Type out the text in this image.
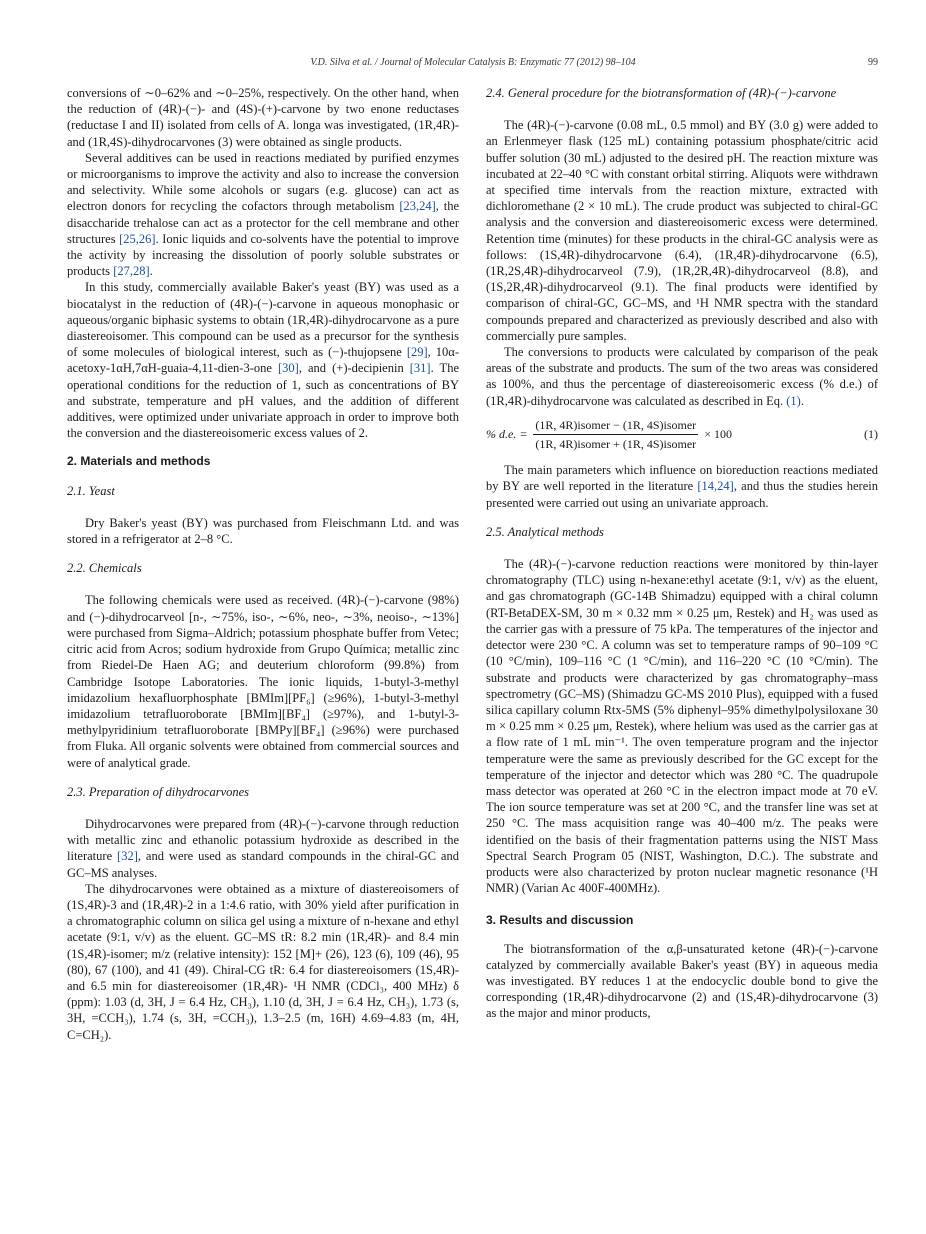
V.D. Silva et al. / Journal of Molecular Catalysis B: Enzymatic 77 (2012) 98–104	99

conversions of ∼0–62% and ∼0–25%, respectively. On the other hand, when the reduction of (4R)-(−)- and (4S)-(+)-carvone by two enone reductases (reductase I and II) isolated from cells of A. longa was investigated, (1R,4R)- and (1R,4S)-dihydrocarvones (3) were obtained as single products.

Several additives can be used in reactions mediated by purified enzymes or microorganisms to improve the activity and also to increase the conversion and selectivity. While some alcohols or sugars (e.g. glucose) can act as electron donors for recycling the cofactors through metabolism [23,24], the disaccharide trehalose can act as a protector for the cell membrane and other structures [25,26]. Ionic liquids and co-solvents have the potential to improve the activity by increasing the dissolution of poorly soluble substrates or products [27,28].

In this study, commercially available Baker's yeast (BY) was used as a biocatalyst in the reduction of (4R)-(−)-carvone in aqueous monophasic or aqueous/organic biphasic systems to obtain (1R,4R)-dihydrocarvone as a pure diastereoisomer. This compound can be used as a precursor for the synthesis of some molecules of biological interest, such as (−)-thujopsene [29], 10α-acetoxy-1αH,7αH-guaia-4,11-dien-3-one [30], and (+)-decipienin [31]. The operational conditions for the reduction of 1, such as concentrations of BY and substrate, temperature and pH values, and the addition of different additives, were optimized under univariate approach in order to improve both the conversion and the diastereoisomeric excess values of 2.

2. Materials and methods
2.1. Yeast

Dry Baker's yeast (BY) was purchased from Fleischmann Ltd. and was stored in a refrigerator at 2–8 °C.

2.2. Chemicals

The following chemicals were used as received. (4R)-(−)-carvone (98%) and (−)-dihydrocarveol [n-, ∼75%, iso-, ∼6%, neo-, ∼3%, neoiso-, ∼13%] were purchased from Sigma–Aldrich; potassium phosphate buffer from Vetec; citric acid from Acros; sodium hydroxide from Grupo Química; metallic zinc from Riedel-De Haen AG; and deuterium chloroform (99.8%) from Cambridge Isotope Laboratories. The ionic liquids, 1-butyl-3-methyl imidazolium hexafluorphosphate [BMIm][PF₆] (≥96%), 1-butyl-3-methyl imidazolium tetrafluoroborate [BMIm][BF₄] (≥97%), and 1-butyl-3-methylpyridinium tetrafluoroborate [BMPy][BF₄] (≥96%) were purchased from Fluka. All organic solvents were obtained from commercial sources and were of analytical grade.

2.3. Preparation of dihydrocarvones

Dihydrocarvones were prepared from (4R)-(−)-carvone through reduction with metallic zinc and ethanolic potassium hydroxide as described in the literature [32], and were used as standard compounds in the chiral-GC and GC–MS analyses.

The dihydrocarvones were obtained as a mixture of diastereoisomers of (1S,4R)-3 and (1R,4R)-2 in a 1:4.6 ratio, with 30% yield after purification in a chromatographic column on silica gel using a mixture of n-hexane and ethyl acetate (9:1, v/v) as the eluent. GC–MS tR: 8.2 min (1R,4R)- and 8.4 min (1S,4R)-isomer; m/z (relative intensity): 152 [M]+ (26), 123 (6), 109 (46), 95 (80), 67 (100), and 41 (49). Chiral-CG tR: 6.4 for diastereoisomers (1S,4R)- and 6.5 min for diastereoisomer (1R,4R)- ¹H NMR (CDCl₃, 400 MHz) δ (ppm): 1.03 (d, 3H, J = 6.4 Hz, CH₃), 1.10 (d, 3H, J = 6.4 Hz, CH₃), 1.73 (s, 3H, =CCH₃), 1.74 (s, 3H, =CCH₃), 1.3–2.5 (m, 16H) 4.69–4.83 (m, 4H, C=CH₂).

2.4. General procedure for the biotransformation of (4R)-(−)-carvone

The (4R)-(−)-carvone (0.08 mL, 0.5 mmol) and BY (3.0 g) were added to an Erlenmeyer flask (125 mL) containing potassium phosphate/citric acid buffer solution (30 mL) adjusted to the desired pH. The reaction mixture was incubated at 22–40 °C with constant orbital stirring. Aliquots were withdrawn at specified time intervals from the reaction mixture, extracted with dichloromethane (2 × 10 mL). The crude product was subjected to chiral-GC analysis and the conversion and diastereoisomeric excess were determined. Retention time (minutes) for these products in the chiral-GC analysis were as follows: (1S,4R)-dihydrocarvone (6.4), (1R,4R)-dihydrocarvone (6.5), (1R,2S,4R)-dihydrocarveol (7.9), (1R,2R,4R)-dihydrocarveol (8.8), and (1S,2R,4R)-dihydrocarveol (9.1). The final products were identified by comparison of chiral-GC, GC–MS, and ¹H NMR spectra with the standard compounds prepared and characterized as previously described and also with commercially pure samples.

The conversions to products were calculated by comparison of the peak areas of the substrate and products. The sum of the two areas was considered as 100%, and thus the percentage of diastereoisomeric excess (% d.e.) of (1R,4R)-dihydrocarvone was calculated as described in Eq. (1).

% d.e. = $\frac{\text{(1R, 4R)isomer − (1R, 4S)isomer}}{\text{(1R, 4R)isomer + (1R, 4S)isomer}} \times 100$	(1)

The main parameters which influence on bioreduction reactions mediated by BY are well reported in the literature [14,24], and thus the studies herein presented were carried out using an univariate approach.

2.5. Analytical methods

The (4R)-(−)-carvone reduction reactions were monitored by thin-layer chromatography (TLC) using n-hexane:ethyl acetate (9:1, v/v) as the eluent, and gas chromatograph (GC-14B Shimadzu) equipped with a chiral column (RT-BetaDEX-SM, 30 m × 0.32 mm × 0.25 μm, Restek) and H₂ was used as the carrier gas with a pressure of 75 kPa. The temperatures of the injector and detector were 230 °C. A column was set to temperature ramps of 90–109 °C (10 °C/min), 109–116 °C (1 °C/min), and 116–220 °C (10 °C/min). The substrate and products were characterized by gas chromatography–mass spectrometry (GC–MS) (Shimadzu GC-MS 2010 Plus), equipped with a fused silica capillary column Rtx-5MS (5% diphenyl–95% dimethylpolysiloxane 30 m × 0.25 mm × 0.25 μm, Restek), where helium was used as the carrier gas at a flow rate of 1 mL min⁻¹. The oven temperature program and the injector temperature were the same as previously described for the GC except for the temperature of the injector and detector which was 280 °C. The quadrupole mass detector was operated at 260 °C in the electron impact mode at 70 eV. The ion source temperature was set at 200 °C, and the transfer line was set at 250 °C. The mass acquisition range was 40–400 m/z. The peaks were identified on the basis of their fragmentation patterns using the NIST Mass Spectral Search Program 05 (NIST, Washington, D.C.). The substrate and products were also characterized by proton nuclear magnetic resonance (¹H NMR) (Varian Ac 400F-400MHz).

3. Results and discussion

The biotransformation of the α,β-unsaturated ketone (4R)-(−)-carvone catalyzed by commercially available Baker's yeast (BY) in aqueous media was investigated. BY reduces 1 at the endocyclic double bond to give the corresponding (1R,4R)-dihydrocarvone (2) and (1S,4R)-dihydrocarvone (3) as the major and minor products,
